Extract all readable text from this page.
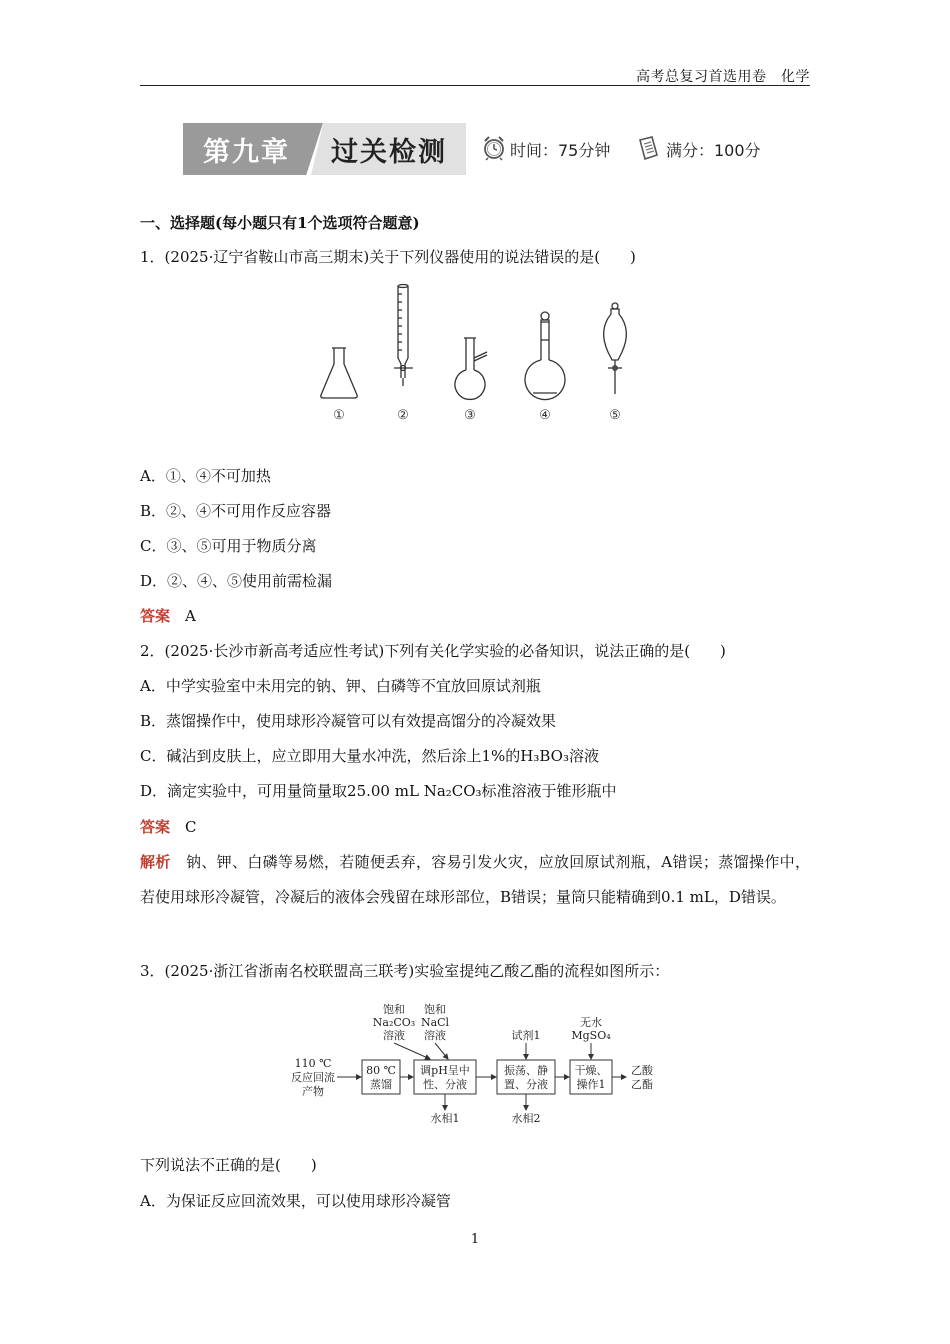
高考总复习首选用卷　化学
第九章 过关检测	时间：75分钟	满分：100分
一、选择题(每小题只有1个选项符合题意)
1．(2025·辽宁省鞍山市高三期末)关于下列仪器使用的说法错误的是(　　)
①	②	③	④	⑤
A．①、④不可加热
B．②、④不可用作反应容器
C．③、⑤可用于物质分离
D．②、④、⑤使用前需检漏
答案　 A
2．(2025·长沙市新高考适应性考试)下列有关化学实验的必备知识，说法正确的是(　　)
A．中学实验室中未用完的钠、钾、白磷等不宜放回原试剂瓶
B．蒸馏操作中，使用球形冷凝管可以有效提高馏分的冷凝效果
C．碱沾到皮肤上，应立即用大量水冲洗，然后涂上1%的H₃BO₃溶液
D．滴定实验中，可用量筒量取25.00 mL Na₂CO₃标准溶液于锥形瓶中
答案　 C
解析　 钠、钾、白磷等易燃，若随便丢弃，容易引发火灾，应放回原试剂瓶，A错误；蒸馏操作中，若使用球形冷凝管，冷凝后的液体会残留在球形部位，B错误；量筒只能精确到0.1 mL，D错误。
3．(2025·浙江省浙南名校联盟高三联考)实验室提纯乙酸乙酯的流程如图所示：
110 ℃
反应回流
产物
饱和
Na₂CO₃
溶液
饱和
NaCl
溶液	试剂1
无水
MgSO₄
80 ℃
蒸馏
调pH呈中
性、分液
振荡、静
置、分液
干燥、
操作1
乙酸
乙酯
水相1	水相2
下列说法不正确的是(　　)
A．为保证反应回流效果，可以使用球形冷凝管
1
